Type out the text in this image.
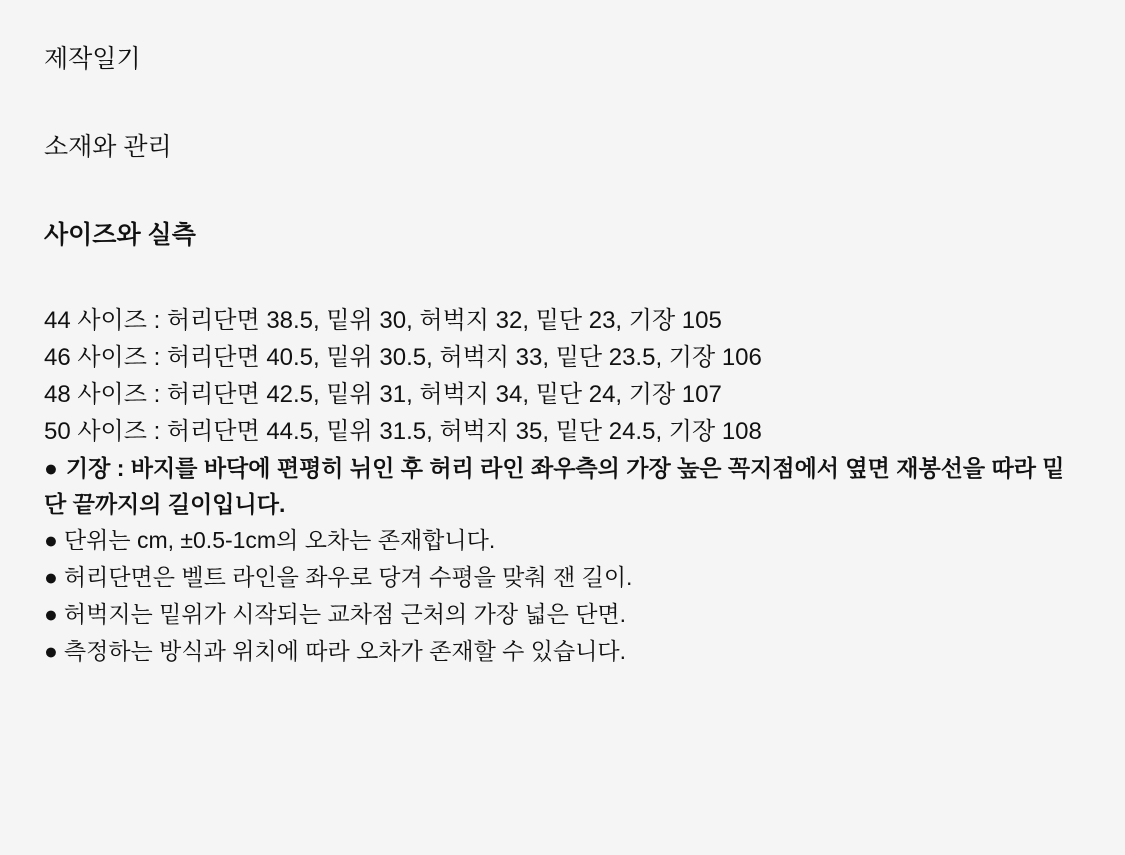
제작일기
소재와 관리
사이즈와 실측
44 사이즈 : 허리단면 38.5, 밑위 30, 허벅지 32, 밑단 23, 기장 105
46 사이즈 : 허리단면 40.5, 밑위 30.5, 허벅지 33, 밑단 23.5, 기장 106
48 사이즈 : 허리단면 42.5, 밑위 31, 허벅지 34, 밑단 24, 기장 107
50 사이즈 : 허리단면 44.5, 밑위 31.5, 허벅지 35, 밑단 24.5, 기장 108
● 기장 : 바지를 바닥에 편평히 뉘인 후 허리 라인 좌우측의 가장 높은 꼭지점에서 옆면 재봉선을 따라 밑단 끝까지의 길이입니다.
● 단위는 cm, ±0.5-1cm의 오차는 존재합니다.
● 허리단면은 벨트 라인을 좌우로 당겨 수평을 맞춰 잰 길이.
● 허벅지는 밑위가 시작되는 교차점 근처의 가장 넓은 단면.
● 측정하는 방식과 위치에 따라 오차가 존재할 수 있습니다.
